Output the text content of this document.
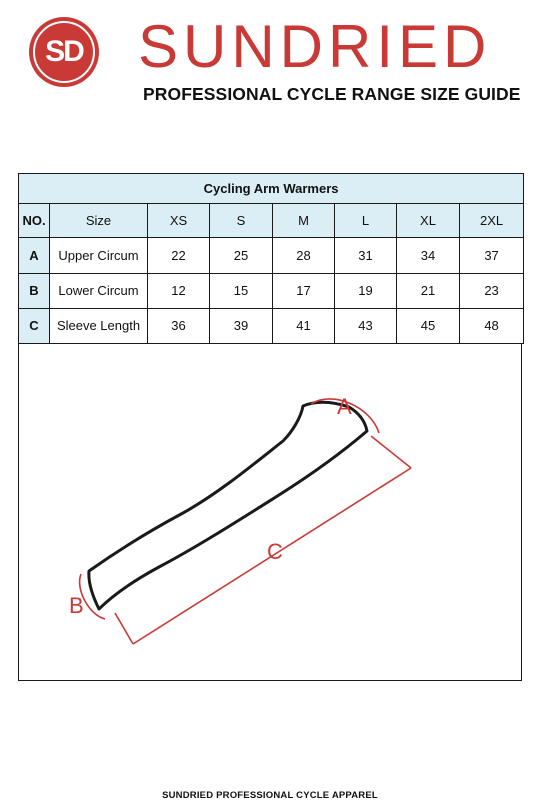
SD SUNDRIED
PROFESSIONAL CYCLE RANGE SIZE GUIDE
Cycling Arm Warmers							
NO.	Size	XS	S	M	L	XL	2XL
A	Upper Circum	22	25	28	31	34	37
B	Lower Circum	12	15	17	19	21	23
C	Sleeve Length	36	39	41	43	45	48
A
B
C
SUNDRIED PROFESSIONAL CYCLE APPAREL
